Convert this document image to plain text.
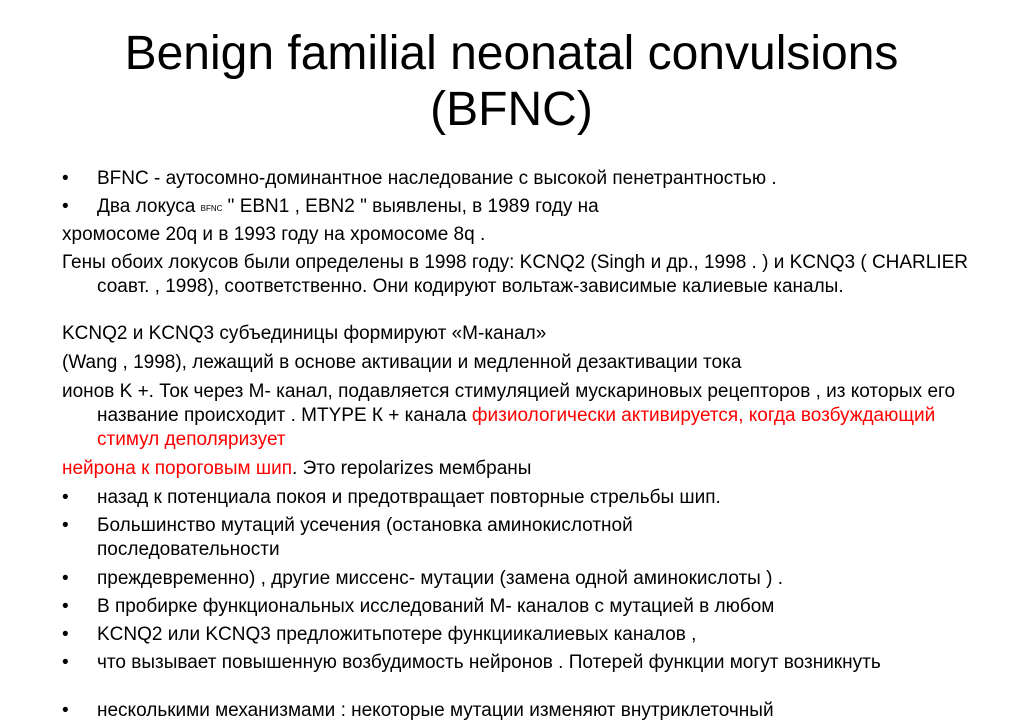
Benign familial neonatal convulsions
(BFNC)
•	BFNC - аутосомно-доминантное наследование с высокой пенетрантностью .
•	Два локуса BFNC " EBN1 , EBN2 " выявлены, в 1989 году на
хромосоме 20q и в 1993 году на хромосоме 8q .
Гены обоих локусов были определены в 1998 году: KCNQ2 (Singh и др., 1998 . ) и KCNQ3 ( CHARLIER соавт. , 1998), соответственно. Они кодируют вольтаж-зависимые калиевые каналы.
KCNQ2 и KCNQ3 субъединицы формируют «М-канал»
(Wang , 1998), лежащий в основе активации и медленной дезактивации тока
ионов K +. Ток через M- канал, подавляется стимуляцией мускариновых рецепторов , из которых его название происходит . MTYPE К + канала физиологически активируется, когда возбуждающий стимул деполяризует
нейрона к пороговым шип. Это repolarizes мембраны
•	назад к потенциала покоя и предотвращает повторные стрельбы шип.
•	Большинство мутаций усечения (остановка аминокислотной последовательности
•	преждевременно) , другие миссенс- мутации (замена одной аминокислоты ) .
•	В пробирке функциональных исследований M- каналов с мутацией в любом
•	KCNQ2 или KCNQ3 предложитьпотере функциикалиевых каналов ,
•	что вызывает повышенную возбудимость нейронов . Потерей функции могут возникнуть
•	несколькими механизмами : некоторые мутации изменяют внутриклеточный
